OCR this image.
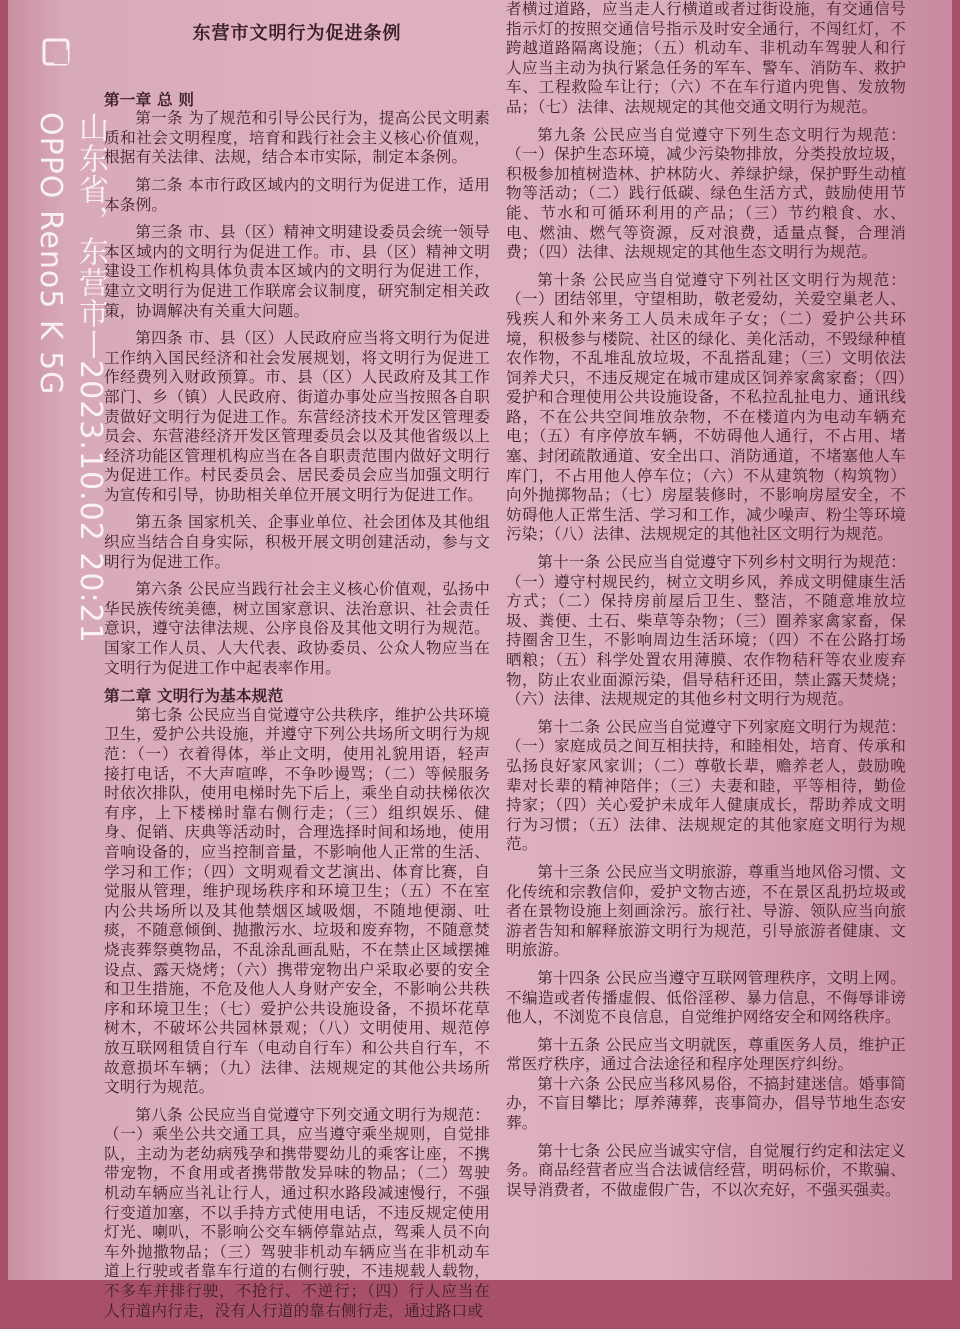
山东省，东营市丨2023.10.02 20:21
OPPO Reno5 K 5G
东营市文明行为促进条例

第一章 总 则

第一条 为了规范和引导公民行为，提高公民文明素质和社会文明程度，培育和践行社会主义核心价值观，根据有关法律、法规，结合本市实际，制定本条例。

第二条 本市行政区域内的文明行为促进工作，适用本条例。

第三条 市、县（区）精神文明建设委员会统一领导本区域内的文明行为促进工作。市、县（区）精神文明建设工作机构具体负责本区域内的文明行为促进工作，建立文明行为促进工作联席会议制度，研究制定相关政策，协调解决有关重大问题。

第四条 市、县（区）人民政府应当将文明行为促进工作纳入国民经济和社会发展规划，将文明行为促进工作经费列入财政预算。市、县（区）人民政府及其工作部门、乡（镇）人民政府、街道办事处应当按照各自职责做好文明行为促进工作。东营经济技术开发区管理委员会、东营港经济开发区管理委员会以及其他省级以上经济功能区管理机构应当在各自职责范围内做好文明行为促进工作。村民委员会、居民委员会应当加强文明行为宣传和引导，协助相关单位开展文明行为促进工作。

第五条 国家机关、企事业单位、社会团体及其他组织应当结合自身实际，积极开展文明创建活动，参与文明行为促进工作。

第六条 公民应当践行社会主义核心价值观，弘扬中华民族传统美德，树立国家意识、法治意识、社会责任意识，遵守法律法规、公序良俗及其他文明行为规范。国家工作人员、人大代表、政协委员、公众人物应当在文明行为促进工作中起表率作用。

第二章 文明行为基本规范

第七条 公民应当自觉遵守公共秩序，维护公共环境卫生，爱护公共设施，并遵守下列公共场所文明行为规范：（一）衣着得体，举止文明，使用礼貌用语，轻声接打电话，不大声喧哗，不争吵谩骂；（二）等候服务时依次排队，使用电梯时先下后上，乘坐自动扶梯依次有序，上下楼梯时靠右侧行走；（三）组织娱乐、健身、促销、庆典等活动时，合理选择时间和场地，使用音响设备的，应当控制音量，不影响他人正常的生活、学习和工作；（四）文明观看文艺演出、体育比赛，自觉服从管理，维护现场秩序和环境卫生；（五）不在室内公共场所以及其他禁烟区域吸烟，不随地便溺、吐痰，不随意倾倒、抛撒污水、垃圾和废弃物，不随意焚烧丧葬祭奠物品，不乱涂乱画乱贴，不在禁止区域摆摊设点、露天烧烤；（六）携带宠物出户采取必要的安全和卫生措施，不危及他人人身财产安全，不影响公共秩序和环境卫生；（七）爱护公共设施设备，不损坏花草树木，不破坏公共园林景观；（八）文明使用、规范停放互联网租赁自行车（电动自行车）和公共自行车，不故意损坏车辆；（九）法律、法规规定的其他公共场所文明行为规范。

第八条 公民应当自觉遵守下列交通文明行为规范：（一）乘坐公共交通工具，应当遵守乘坐规则，自觉排队，主动为老幼病残孕和携带婴幼儿的乘客让座，不携带宠物，不食用或者携带散发异味的物品；（二）驾驶机动车辆应当礼让行人，通过积水路段减速慢行，不强行变道加塞，不以手持方式使用电话，不违反规定使用灯光、喇叭，不影响公交车辆停靠站点，驾乘人员不向车外抛撒物品；（三）驾驶非机动车辆应当在非机动车道上行驶或者靠车行道的右侧行驶，不违规载人载物，不多车并排行驶，不抢行、不逆行；（四）行人应当在人行道内行走，没有人行道的靠右侧行走，通过路口或

者横过道路，应当走人行横道或者过街设施，有交通信号指示灯的按照交通信号指示及时安全通行，不闯红灯，不跨越道路隔离设施；（五）机动车、非机动车驾驶人和行人应当主动为执行紧急任务的军车、警车、消防车、救护车、工程救险车让行；（六）不在车行道内兜售、发放物品；（七）法律、法规规定的其他交通文明行为规范。

第九条 公民应当自觉遵守下列生态文明行为规范：（一）保护生态环境，减少污染物排放，分类投放垃圾，积极参加植树造林、护林防火、养绿护绿，保护野生动植物等活动；（二）践行低碳、绿色生活方式，鼓励使用节能、节水和可循环利用的产品；（三）节约粮食、水、电、燃油、燃气等资源，反对浪费，适量点餐，合理消费；（四）法律、法规规定的其他生态文明行为规范。

第十条 公民应当自觉遵守下列社区文明行为规范：（一）团结邻里，守望相助，敬老爱幼，关爱空巢老人、残疾人和外来务工人员未成年子女；（二）爱护公共环境，积极参与楼院、社区的绿化、美化活动，不毁绿种植农作物，不乱堆乱放垃圾，不乱搭乱建；（三）文明依法饲养犬只，不违反规定在城市建成区饲养家禽家畜；（四）爱护和合理使用公共设施设备，不私拉乱扯电力、通讯线路，不在公共空间堆放杂物，不在楼道内为电动车辆充电；（五）有序停放车辆，不妨碍他人通行，不占用、堵塞、封闭疏散通道、安全出口、消防通道，不堵塞他人车库门，不占用他人停车位；（六）不从建筑物（构筑物）向外抛掷物品；（七）房屋装修时，不影响房屋安全，不妨碍他人正常生活、学习和工作，减少噪声、粉尘等环境污染；（八）法律、法规规定的其他社区文明行为规范。

第十一条 公民应当自觉遵守下列乡村文明行为规范：（一）遵守村规民约，树立文明乡风，养成文明健康生活方式；（二）保持房前屋后卫生、整洁，不随意堆放垃圾、粪便、土石、柴草等杂物；（三）圈养家禽家畜，保持圈舍卫生，不影响周边生活环境；（四）不在公路打场晒粮；（五）科学处置农用薄膜、农作物秸秆等农业废弃物，防止农业面源污染，倡导秸秆还田，禁止露天焚烧；（六）法律、法规规定的其他乡村文明行为规范。

第十二条 公民应当自觉遵守下列家庭文明行为规范：（一）家庭成员之间互相扶持，和睦相处，培育、传承和弘扬良好家风家训；（二）尊敬长辈，赡养老人，鼓励晚辈对长辈的精神陪伴；（三）夫妻和睦，平等相待，勤俭持家；（四）关心爱护未成年人健康成长，帮助养成文明行为习惯；（五）法律、法规规定的其他家庭文明行为规范。

第十三条 公民应当文明旅游，尊重当地风俗习惯、文化传统和宗教信仰，爱护文物古迹，不在景区乱扔垃圾或者在景物设施上刻画涂污。旅行社、导游、领队应当向旅游者告知和解释旅游文明行为规范，引导旅游者健康、文明旅游。

第十四条 公民应当遵守互联网管理秩序，文明上网。不编造或者传播虚假、低俗淫秽、暴力信息，不侮辱诽谤他人，不浏览不良信息，自觉维护网络安全和网络秩序。

第十五条 公民应当文明就医，尊重医务人员，维护正常医疗秩序，通过合法途径和程序处理医疗纠纷。

第十六条 公民应当移风易俗，不搞封建迷信。婚事简办，不盲目攀比；厚养薄葬，丧事简办，倡导节地生态安葬。

第十七条 公民应当诚实守信，自觉履行约定和法定义务。商品经营者应当合法诚信经营，明码标价，不欺骗、误导消费者，不做虚假广告，不以次充好，不强买强卖。
